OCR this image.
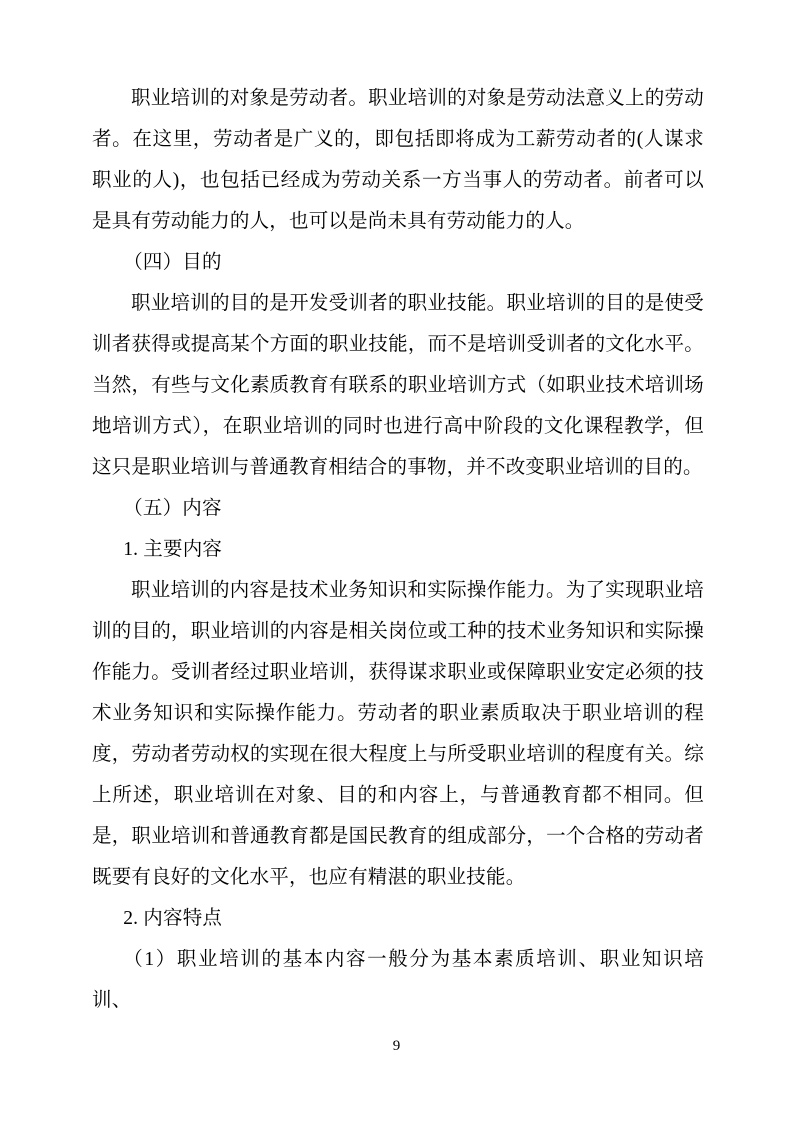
职业培训的对象是劳动者。职业培训的对象是劳动法意义上的劳动者。在这里，劳动者是广义的，即包括即将成为工薪劳动者的(人谋求职业的人)，也包括已经成为劳动关系一方当事人的劳动者。前者可以是具有劳动能力的人，也可以是尚未具有劳动能力的人。

（四）目的

职业培训的目的是开发受训者的职业技能。职业培训的目的是使受训者获得或提高某个方面的职业技能，而不是培训受训者的文化水平。当然，有些与文化素质教育有联系的职业培训方式（如职业技术培训场地培训方式），在职业培训的同时也进行高中阶段的文化课程教学，但这只是职业培训与普通教育相结合的事物，并不改变职业培训的目的。

（五）内容

1. 主要内容

职业培训的内容是技术业务知识和实际操作能力。为了实现职业培训的目的，职业培训的内容是相关岗位或工种的技术业务知识和实际操作能力。受训者经过职业培训，获得谋求职业或保障职业安定必须的技术业务知识和实际操作能力。劳动者的职业素质取决于职业培训的程度，劳动者劳动权的实现在很大程度上与所受职业培训的程度有关。综上所述，职业培训在对象、目的和内容上，与普通教育都不相同。但是，职业培训和普通教育都是国民教育的组成部分，一个合格的劳动者既要有良好的文化水平，也应有精湛的职业技能。

2. 内容特点

（1）职业培训的基本内容一般分为基本素质培训、职业知识培训、

9
